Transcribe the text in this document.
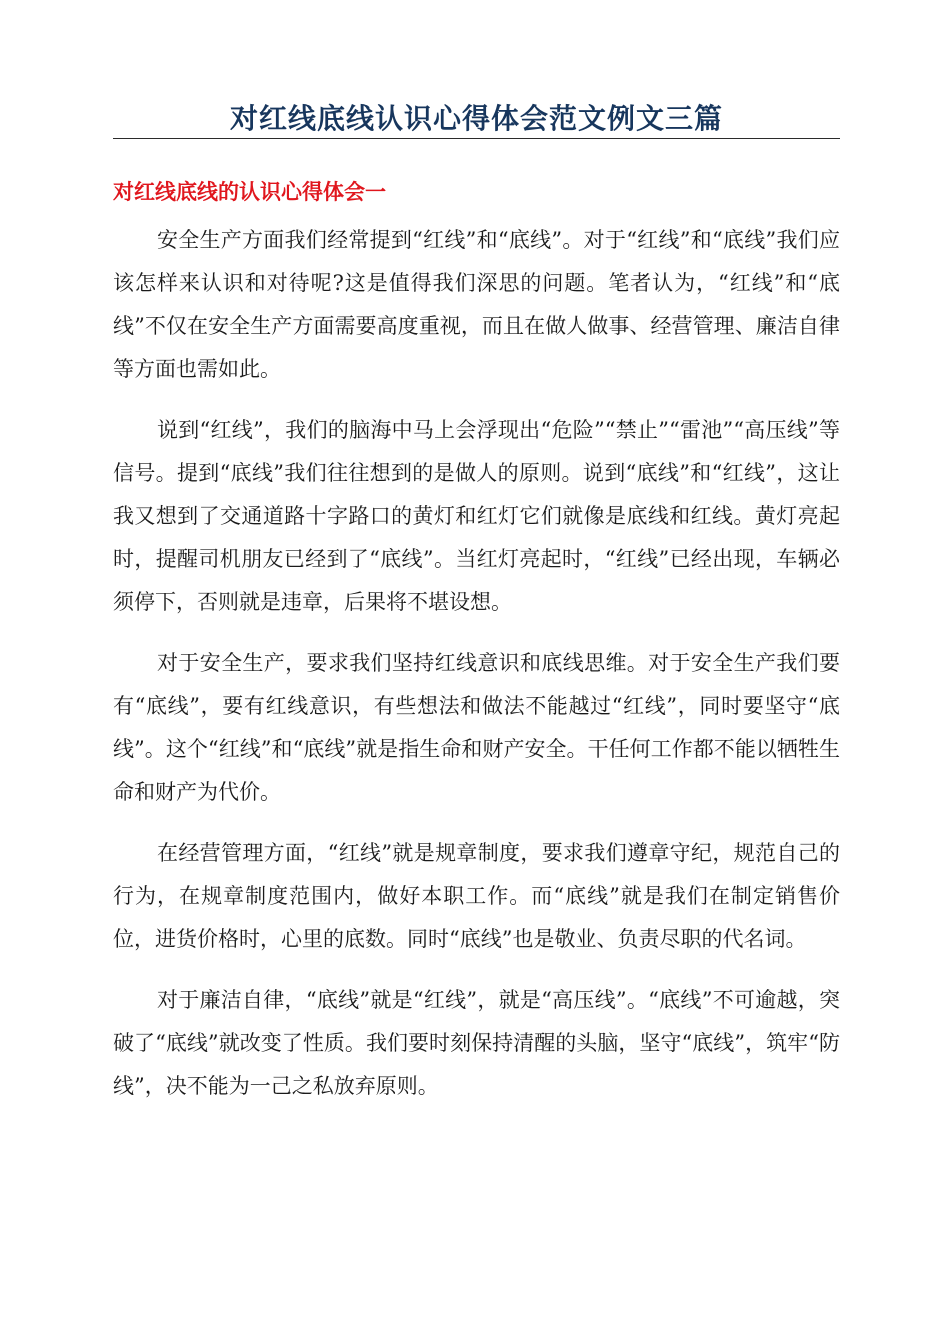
对红线底线认识心得体会范文例文三篇
对红线底线的认识心得体会一

安全生产方面我们经常提到“红线”和“底线”。对于“红线”和“底线”我们应该怎样来认识和对待呢?这是值得我们深思的问题。笔者认为，“红线”和“底线”不仅在安全生产方面需要高度重视，而且在做人做事、经营管理、廉洁自律等方面也需如此。

说到“红线”，我们的脑海中马上会浮现出“危险”“禁止”“雷池”“高压线”等信号。提到“底线”我们往往想到的是做人的原则。说到“底线”和“红线”，这让我又想到了交通道路十字路口的黄灯和红灯它们就像是底线和红线。黄灯亮起时，提醒司机朋友已经到了“底线”。当红灯亮起时，“红线”已经出现，车辆必须停下，否则就是违章，后果将不堪设想。

对于安全生产，要求我们坚持红线意识和底线思维。对于安全生产我们要有“底线”，要有红线意识，有些想法和做法不能越过“红线”，同时要坚守“底线”。这个“红线”和“底线”就是指生命和财产安全。干任何工作都不能以牺牲生命和财产为代价。

在经营管理方面，“红线”就是规章制度，要求我们遵章守纪，规范自己的行为，在规章制度范围内，做好本职工作。而“底线”就是我们在制定销售价位，进货价格时，心里的底数。同时“底线”也是敬业、负责尽职的代名词。

对于廉洁自律，“底线”就是“红线”，就是“高压线”。“底线”不可逾越，突破了“底线”就改变了性质。我们要时刻保持清醒的头脑，坚守“底线”，筑牢“防线”，决不能为一己之私放弃原则。
